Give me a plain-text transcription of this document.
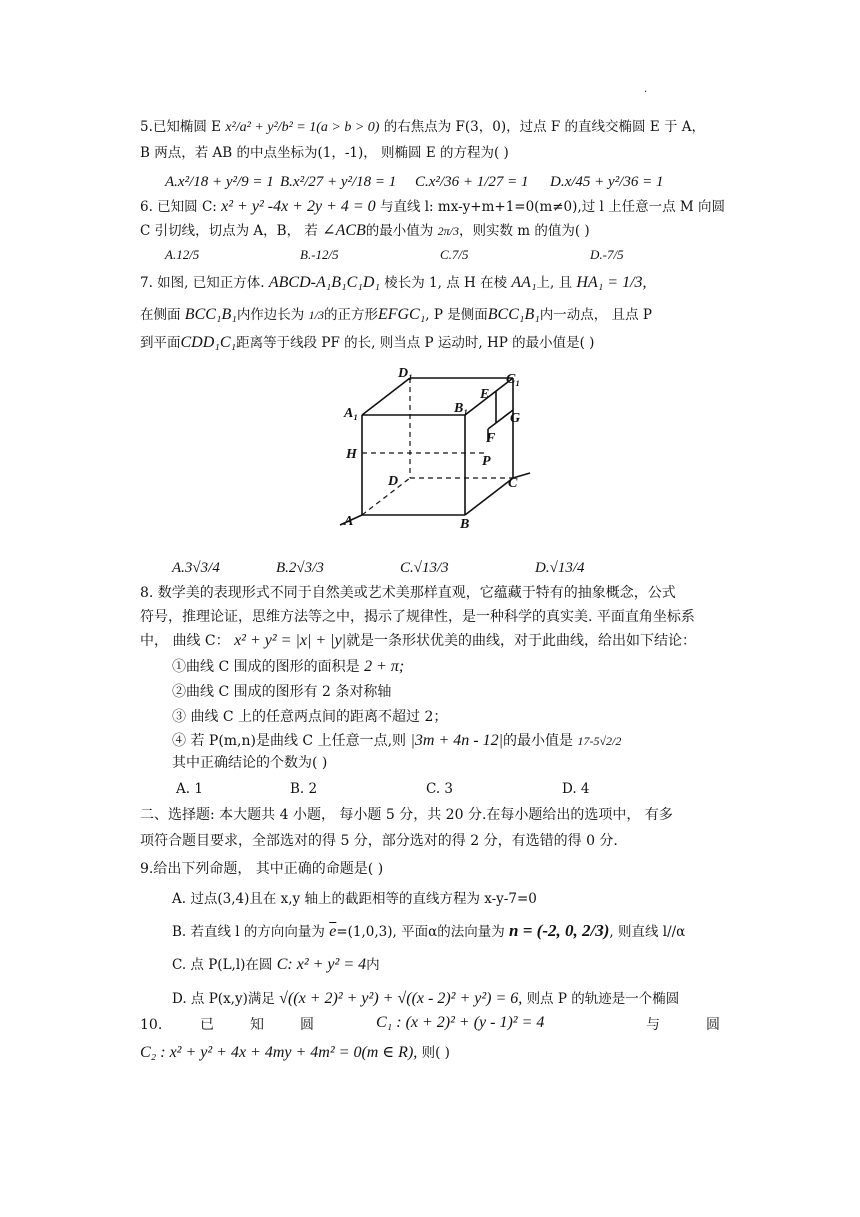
·
5.已知椭圆 E x²/a² + y²/b² = 1(a > b > 0) 的右焦点为 F(3，0)，过点 F 的直线交椭圆 E 于 A，
B 两点，若 AB 的中点坐标为(1，-1)， 则椭圆 E 的方程为( )
A.x²/18 + y²/9 = 1 B.x²/27 + y²/18 = 1 C.x²/36 + 1/27 = 1 D.x/45 + y²/36 = 1
6. 已知圆 C: x² + y² -4x + 2y + 4 = 0 与直线 l: mx-y+m+1=0(m≠0),过 l 上任意一点 M 向圆
C 引切线，切点为 A，B， 若 ∠ACB的最小值为 2π/3，则实数 m 的值为( )
A.12/5	B.-12/5	C.7/5	D.-7/5
7. 如图, 已知正方体. ABCD-A₁B₁C₁D₁ 棱长为 1, 点 H 在棱 AA₁上, 且 HA₁ = 1/3,
在侧面 BCC₁B₁内作边长为 1/3的正方形EFGC₁, P 是侧面BCC₁B₁内一动点， 且点 P
到平面CDD₁C₁距离等于线段 PF 的长, 则当点 P 运动时, HP 的最小值是( )
D₁	C₁
E
A₁	B₁
G
F
H	P
D	C
A	B
A.3√3/4	B.2√3/3	C.√13/3	D.√13/4
8. 数学美的表现形式不同于自然美或艺术美那样直观，它蕴藏于特有的抽象概念，公式
符号，推理论证，思维方法等之中，揭示了规律性，是一种科学的真实美. 平面直角坐标系
中， 曲线 C： x² + y² = |x| + |y|就是一条形状优美的曲线，对于此曲线，给出如下结论：
①曲线 C 围成的图形的面积是 2 + π;
②曲线 C 围成的图形有 2 条对称轴
③ 曲线 C 上的任意两点间的距离不超过 2；
④ 若 P(m,n)是曲线 C 上任意一点,则 |3m + 4n - 12|的最小值是 17-5√2/2
其中正确结论的个数为( )
A. 1	B. 2	C. 3	D. 4
二、选择题: 本大题共 4 小题， 每小题 5 分，共 20 分.在每小题给出的选项中， 有多
项符合题目要求，全部选对的得 5 分，部分选对的得 2 分，有选错的得 0 分.
9.给出下列命题， 其中正确的命题是( )
A. 过点(3,4)且在 x,y 轴上的截距相等的直线方程为 x-y-7=0
B. 若直线 l 的方向向量为 $\overline{e}=(1,0,3)$, 平面α的法向量为 n = (-2, 0, 2/3), 则直线 l//α
C. 点 P(L,l)在圆 C: x² + y² = 4内
D. 点 P(x,y)满足 √((x + 2)² + y²) + √((x - 2)² + y²) = 6, 则点 P 的轨迹是一个椭圆
10.	已	知	圆	C₁ : (x + 2)² + (y - 1)² = 4	与	圆
C₂ : x² + y² + 4x + 4my + 4m² = 0(m ∈ R), 则( )
